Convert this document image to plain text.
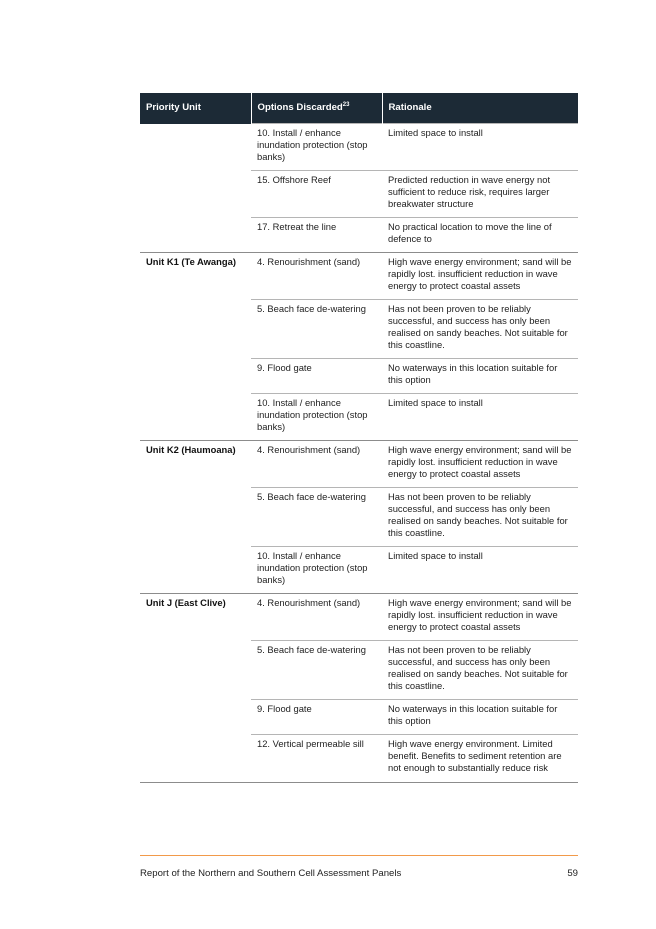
Priority Unit	Options Discarded$^{23}$	Rationale
	10. Install / enhance inundation protection (stop banks)	Limited space to install
	15. Offshore Reef	Predicted reduction in wave energy not sufficient to reduce risk, requires larger breakwater structure
	17. Retreat the line	No practical location to move the line of defence to
Unit K1 (Te Awanga)	4. Renourishment (sand)	High wave energy environment; sand will be rapidly lost. insufficient reduction in wave energy to protect coastal assets
	5. Beach face de-watering	Has not been proven to be reliably successful, and success has only been realised on sandy beaches. Not suitable for this coastline.
	9. Flood gate	No waterways in this location suitable for this option
	10. Install / enhance inundation protection (stop banks)	Limited space to install
Unit K2 (Haumoana)	4. Renourishment (sand)	High wave energy environment; sand will be rapidly lost. insufficient reduction in wave energy to protect coastal assets
	5. Beach face de-watering	Has not been proven to be reliably successful, and success has only been realised on sandy beaches. Not suitable for this coastline.
	10. Install / enhance inundation protection (stop banks)	Limited space to install
Unit J (East Clive)	4. Renourishment (sand)	High wave energy environment; sand will be rapidly lost. insufficient reduction in wave energy to protect coastal assets
	5. Beach face de-watering	Has not been proven to be reliably successful, and success has only been realised on sandy beaches. Not suitable for this coastline.
	9. Flood gate	No waterways in this location suitable for this option
	12. Vertical permeable sill	High wave energy environment. Limited benefit. Benefits to sediment retention are not enough to substantially reduce risk

Report of the Northern and Southern Cell Assessment Panels	59
